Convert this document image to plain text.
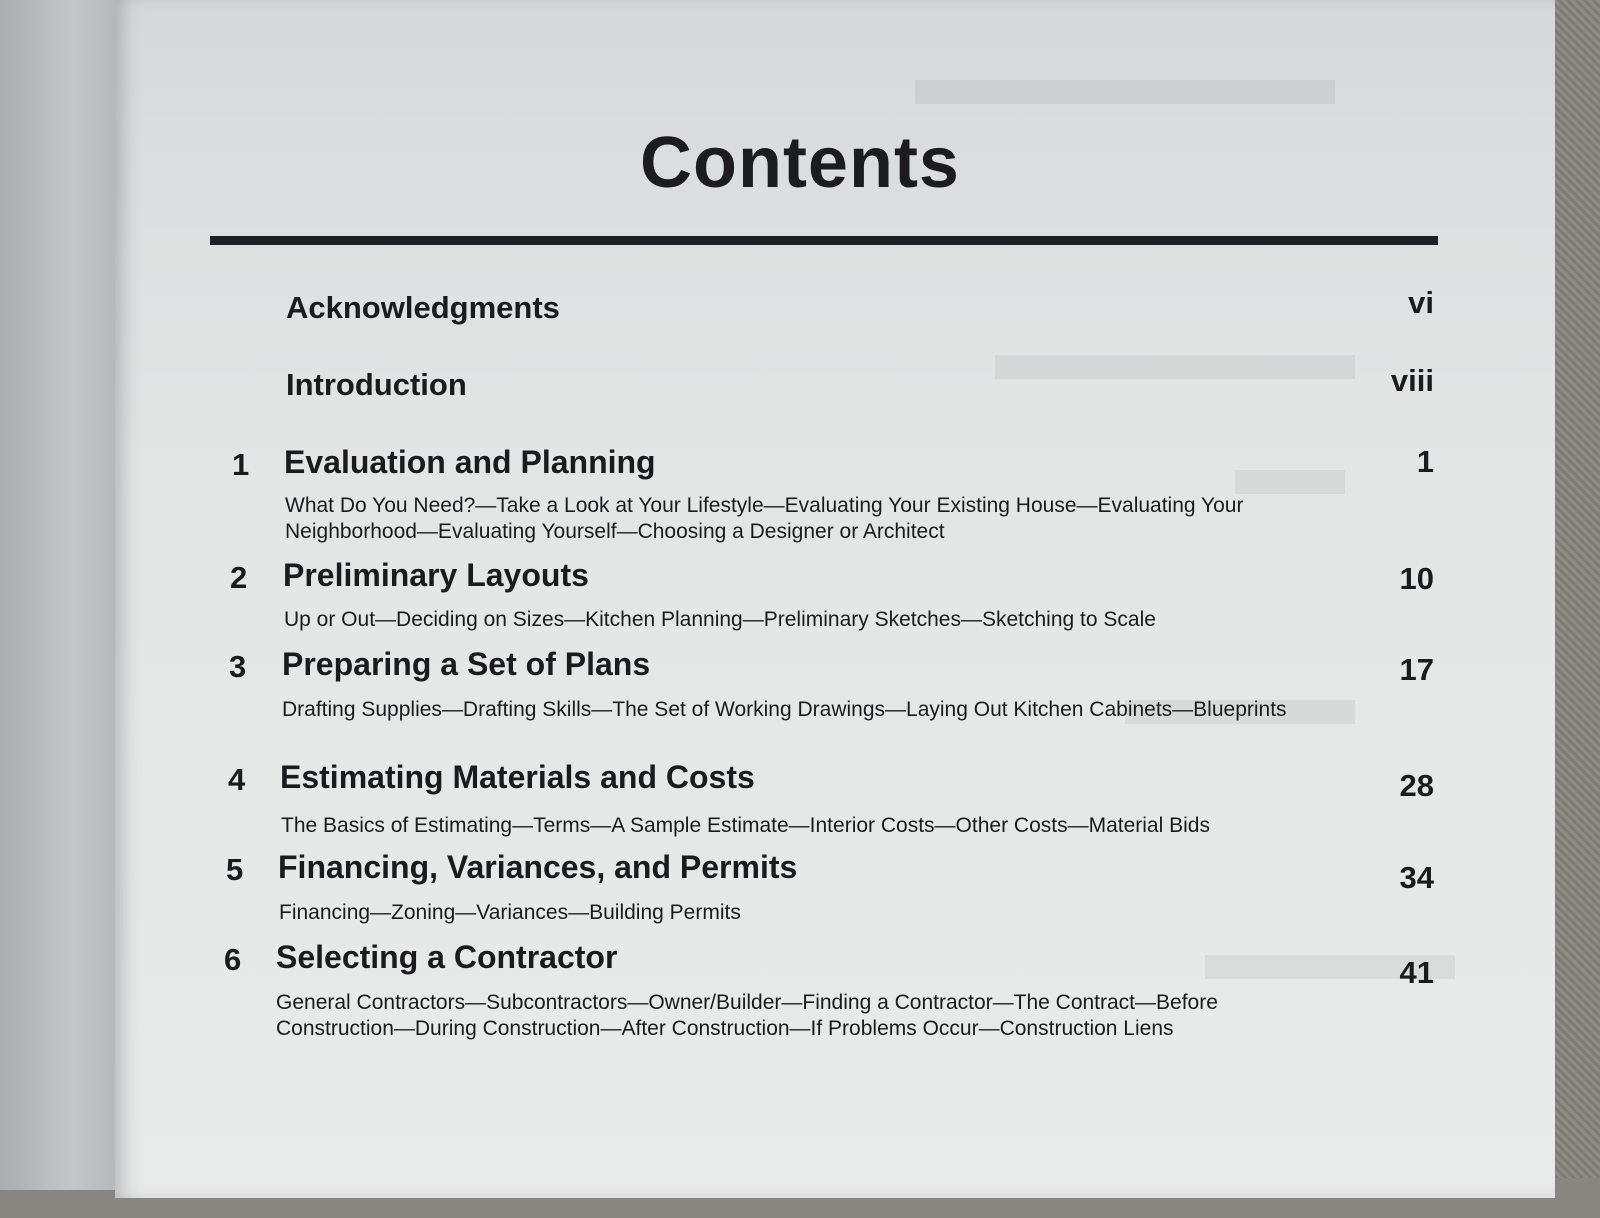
Contents
Acknowledgments	vi
Introduction	viii
1 Evaluation and Planning	1
What Do You Need?—Take a Look at Your Lifestyle—Evaluating Your Existing House—Evaluating Your Neighborhood—Evaluating Yourself—Choosing a Designer or Architect
2 Preliminary Layouts	10
Up or Out—Deciding on Sizes—Kitchen Planning—Preliminary Sketches—Sketching to Scale
3 Preparing a Set of Plans	17
Drafting Supplies—Drafting Skills—The Set of Working Drawings—Laying Out Kitchen Cabinets—Blueprints
4 Estimating Materials and Costs	28
The Basics of Estimating—Terms—A Sample Estimate—Interior Costs—Other Costs—Material Bids
5 Financing, Variances, and Permits	34
Financing—Zoning—Variances—Building Permits
6 Selecting a Contractor	41
General Contractors—Subcontractors—Owner/Builder—Finding a Contractor—The Contract—Before Construction—During Construction—After Construction—If Problems Occur—Construction Liens
